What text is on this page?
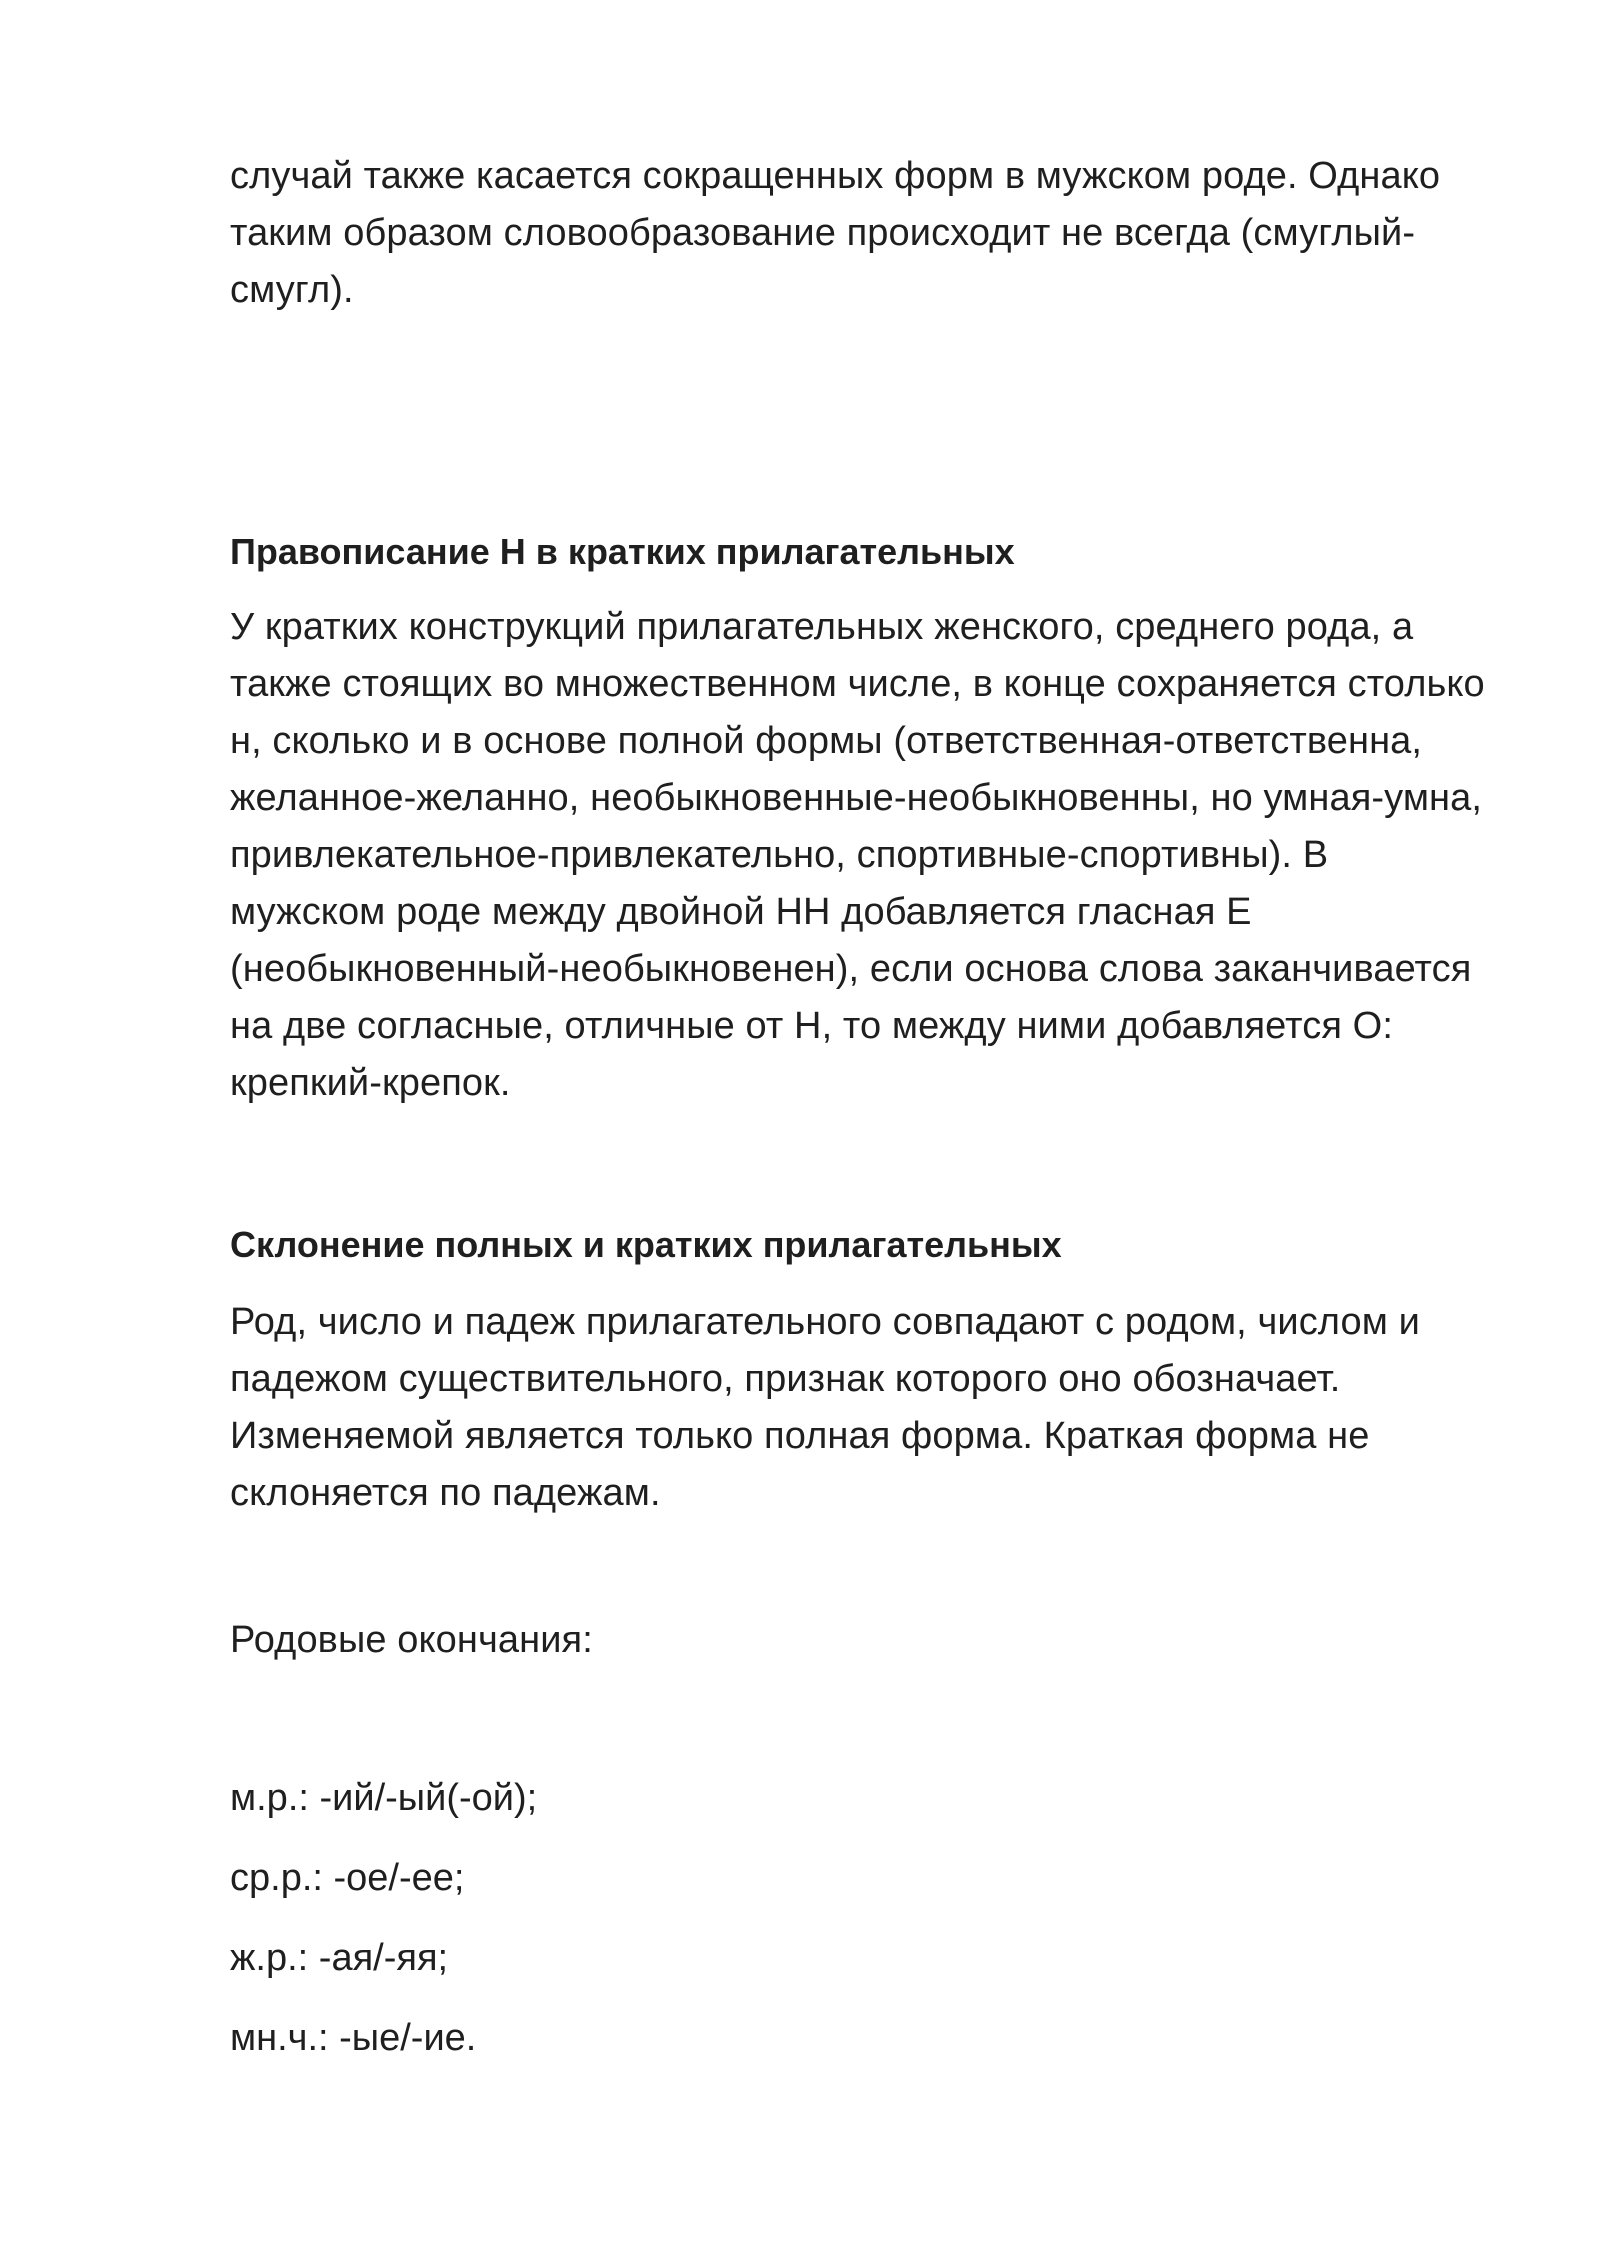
случай также касается сокращенных форм в мужском роде. Однако таким образом словообразование происходит не всегда (смуглый-смугл).

Правописание Н в кратких прилагательных

У кратких конструкций прилагательных женского, среднего рода, а также стоящих во множественном числе, в конце сохраняется столько н, сколько и в основе полной формы (ответственная-ответственна, желанное-желанно, необыкновенные-необыкновенны, но умная-умна, привлекательное-привлекательно, спортивные-спортивны). В мужском роде между двойной НН добавляется гласная Е (необыкновенный-необыкновенен), если основа слова заканчивается на две согласные, отличные от Н, то между ними добавляется О: крепкий-крепок.

Склонение полных и кратких прилагательных

Род, число и падеж прилагательного совпадают с родом, числом и падежом существительного, признак которого оно обозначает. Изменяемой является только полная форма. Краткая форма не склоняется по падежам.

Родовые окончания:

м.р.: -ий/-ый(-ой);

ср.р.: -ое/-ее;

ж.р.: -ая/-яя;

мн.ч.: -ые/-ие.
